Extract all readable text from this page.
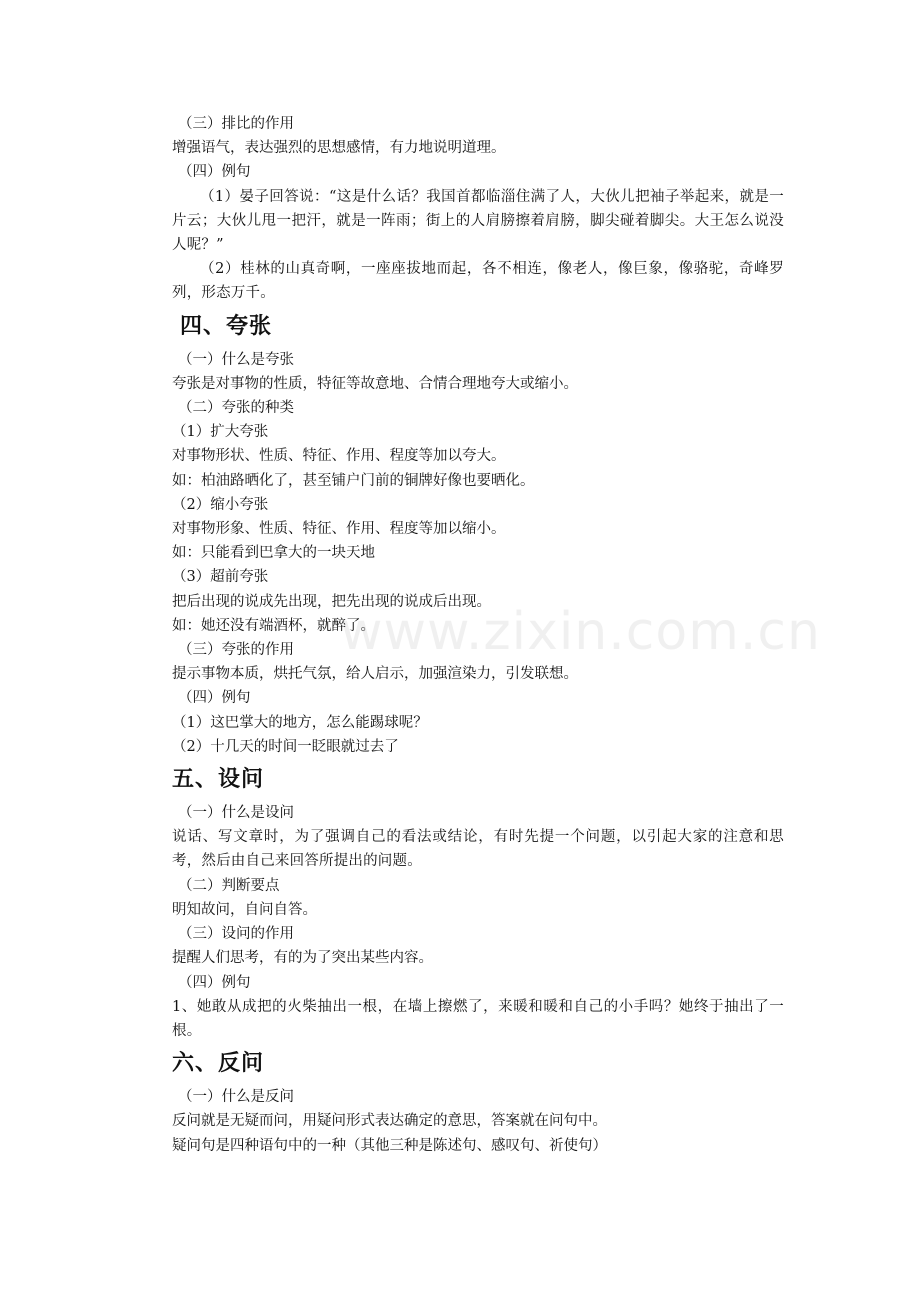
（三）排比的作用

增强语气，表达强烈的思想感情，有力地说明道理。

（四）例句

（1）晏子回答说：“这是什么话？我国首都临淄住满了人，大伙儿把袖子举起来，就是一片云；大伙儿甩一把汗，就是一阵雨；街上的人肩膀擦着肩膀，脚尖碰着脚尖。大王怎么说没人呢？”

（2）桂林的山真奇啊，一座座拔地而起，各不相连，像老人，像巨象，像骆驼，奇峰罗列，形态万千。

四、夸张

（一）什么是夸张

夸张是对事物的性质，特征等故意地、合情合理地夸大或缩小。

（二）夸张的种类

（1）扩大夸张

对事物形状、性质、特征、作用、程度等加以夸大。

如：柏油路晒化了，甚至铺户门前的铜牌好像也要晒化。

（2）缩小夸张

对事物形象、性质、特征、作用、程度等加以缩小。

如：只能看到巴拿大的一块天地

（3）超前夸张

把后出现的说成先出现，把先出现的说成后出现。

如：她还没有端酒杯，就醉了。

（三）夸张的作用

提示事物本质，烘托气氛，给人启示，加强渲染力，引发联想。

（四）例句

（1）这巴掌大的地方，怎么能踢球呢？

（2）十几天的时间一眨眼就过去了

五、设问

（一）什么是设问

说话、写文章时，为了强调自己的看法或结论，有时先提一个问题，以引起大家的注意和思考，然后由自己来回答所提出的问题。

（二）判断要点

明知故问，自问自答。

（三）设问的作用

提醒人们思考，有的为了突出某些内容。

（四）例句

1、她敢从成把的火柴抽出一根，在墙上擦燃了，来暖和暖和自己的小手吗？她终于抽出了一根。

六、反问

（一）什么是反问

反问就是无疑而问，用疑问形式表达确定的意思，答案就在问句中。

疑问句是四种语句中的一种（其他三种是陈述句、感叹句、祈使句）

www.zixin.com.cn
